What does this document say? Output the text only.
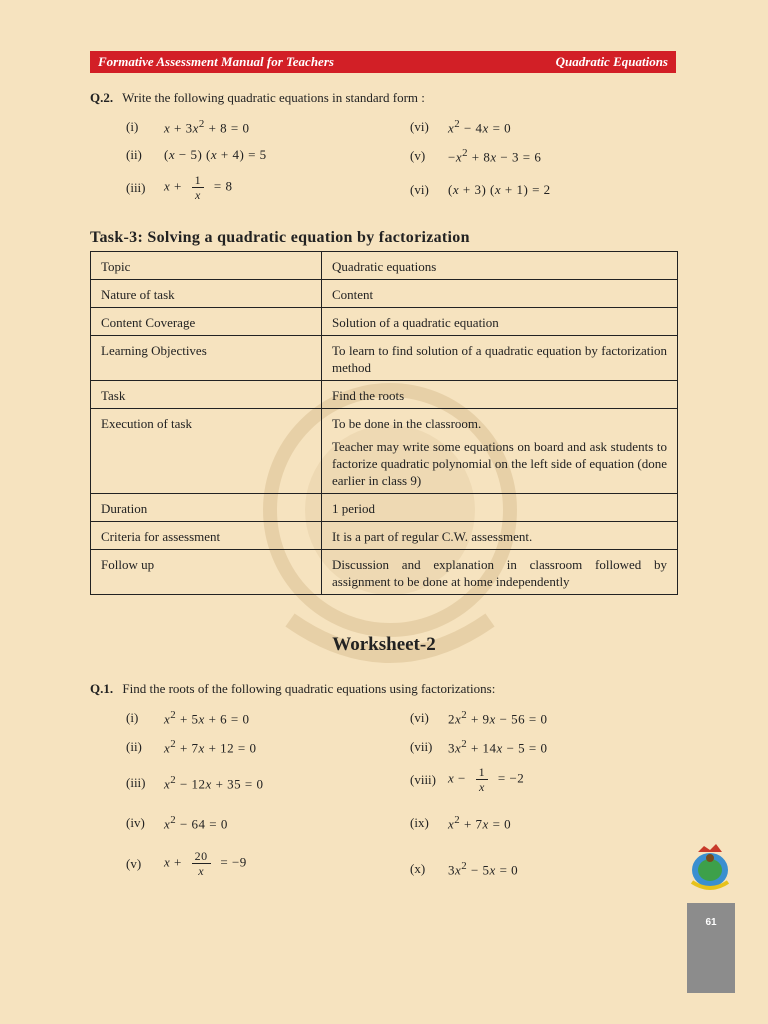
Formative Assessment Manual for Teachers	Quadratic Equations
Q.2. Write the following quadratic equations in standard form :
(i)	$x + 3x^2 + 8 = 0$	(vi)	$x^2 - 4x = 0$
(ii)	(x − 5) (x + 4) = 5	(v)	$-x^2 + 8x - 3 = 6$
(iii)	$x + \frac{1}{x} = 8$	(vi)	(x + 3) (x + 1) = 2
Task-3: Solving a quadratic equation by factorization
Topic	Quadratic equations
Nature of task	Content
Content Coverage	Solution of a quadratic equation
Learning Objectives	To learn to find solution of a quadratic equation by factorization method
Task	Find the roots
Execution of task	To be done in the classroom.

Teacher may write some equations on board and ask students to factorize quadratic polynomial on the left side of equation (done earlier in class 9)

Duration	1 period
Criteria for assessment	It is a part of regular C.W. assessment.
Follow up	Discussion and explanation in classroom followed by assignment to be done at home independently
Worksheet-2
Q.1. Find the roots of the following quadratic equations using factorizations:
(i)	$x^2 + 5x + 6 = 0$	(vi)	$2x^2 + 9x - 56 = 0$
(ii)	$x^2 + 7x + 12 = 0$	(vii)	$3x^2 + 14x - 5 = 0$
(iii)	$x^2 - 12x + 35 = 0$	(viii) $x - \frac{1}{x} = -2$
(iv)	$x^2 - 64 = 0$	(ix)	$x^2 + 7x = 0$
(v)	$x + \frac{20}{x} = -9$	(x)	$3x^2 - 5x = 0$
61
